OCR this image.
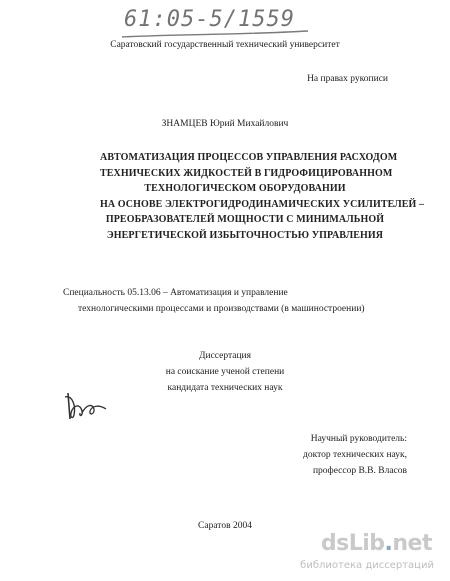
61:05-5/1559
Саратовский государственный технический университет
На правах рукописи
ЗНАМЦЕВ Юрий Михайлович
АВТОМАТИЗАЦИЯ ПРОЦЕССОВ УПРАВЛЕНИЯ РАСХОДОМ
ТЕХНИЧЕСКИХ ЖИДКОСТЕЙ В ГИДРОФИЦИРОВАННОМ
ТЕХНОЛОГИЧЕСКОМ ОБОРУДОВАНИИ
НА ОСНОВЕ ЭЛЕКТРОГИДРОДИНАМИЧЕСКИХ УСИЛИТЕЛЕЙ –
ПРЕОБРАЗОВАТЕЛЕЙ МОЩНОСТИ С МИНИМАЛЬНОЙ
ЭНЕРГЕТИЧЕСКОЙ ИЗБЫТОЧНОСТЬЮ УПРАВЛЕНИЯ
Специальность 05.13.06 – Автоматизация и управление
технологическими процессами и производствами (в машиностроении)
Диссертация
на соискание ученой степени
кандидата технических наук
Научный руководитель:
доктор технических наук,
профессор В.В. Власов
Саратов 2004
dsLib.net
библиотека диссертаций
